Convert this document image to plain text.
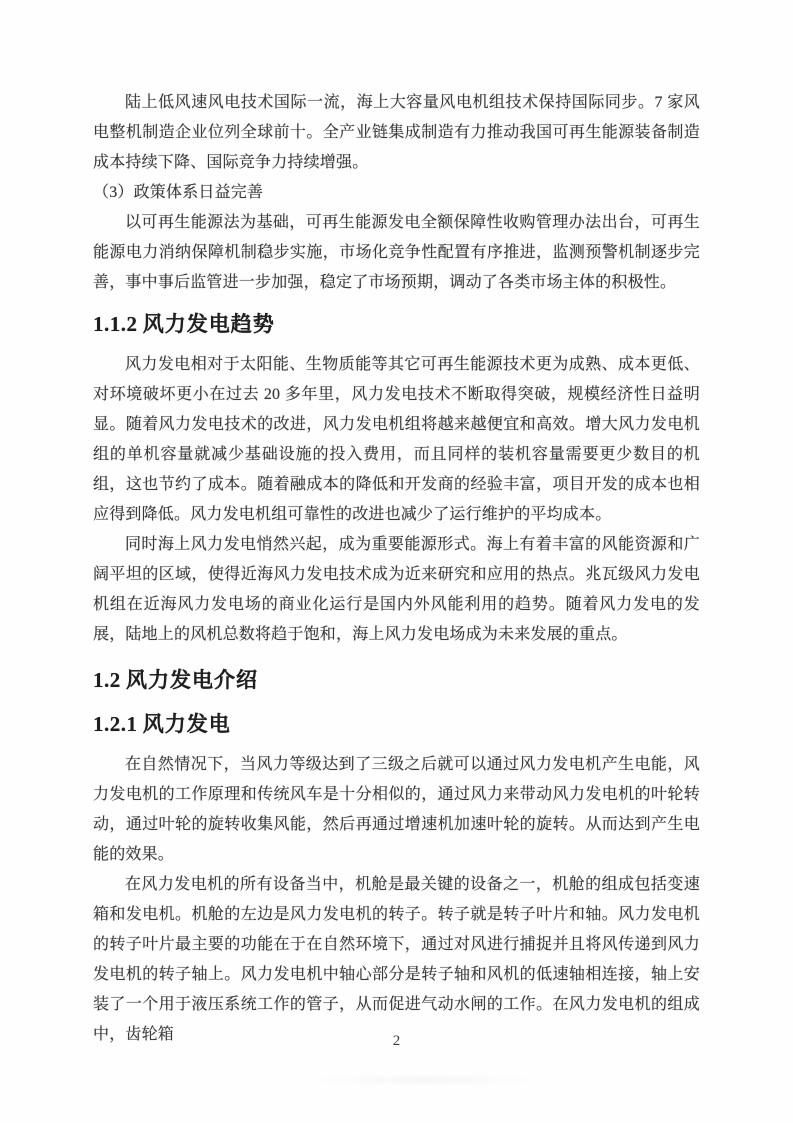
陆上低风速风电技术国际一流，海上大容量风电机组技术保持国际同步。7 家风电整机制造企业位列全球前十。全产业链集成制造有力推动我国可再生能源装备制造成本持续下降、国际竞争力持续增强。

（3）政策体系日益完善

以可再生能源法为基础，可再生能源发电全额保障性收购管理办法出台，可再生能源电力消纳保障机制稳步实施，市场化竞争性配置有序推进，监测预警机制逐步完善，事中事后监管进一步加强，稳定了市场预期，调动了各类市场主体的积极性。

1.1.2 风力发电趋势

风力发电相对于太阳能、生物质能等其它可再生能源技术更为成熟、成本更低、对环境破坏更小在过去 20 多年里，风力发电技术不断取得突破，规模经济性日益明显。随着风力发电技术的改进，风力发电机组将越来越便宜和高效。增大风力发电机组的单机容量就减少基础设施的投入费用，而且同样的装机容量需要更少数目的机组，这也节约了成本。随着融成本的降低和开发商的经验丰富，项目开发的成本也相应得到降低。风力发电机组可靠性的改进也减少了运行维护的平均成本。

同时海上风力发电悄然兴起，成为重要能源形式。海上有着丰富的风能资源和广阔平坦的区域，使得近海风力发电技术成为近来研究和应用的热点。兆瓦级风力发电机组在近海风力发电场的商业化运行是国内外风能利用的趋势。随着风力发电的发展，陆地上的风机总数将趋于饱和，海上风力发电场成为未来发展的重点。

1.2 风力发电介绍
1.2.1 风力发电

在自然情况下，当风力等级达到了三级之后就可以通过风力发电机产生电能，风力发电机的工作原理和传统风车是十分相似的，通过风力来带动风力发电机的叶轮转动，通过叶轮的旋转收集风能，然后再通过增速机加速叶轮的旋转。从而达到产生电能的效果。

在风力发电机的所有设备当中，机舱是最关键的设备之一，机舱的组成包括变速箱和发电机。机舱的左边是风力发电机的转子。转子就是转子叶片和轴。风力发电机的转子叶片最主要的功能在于在自然环境下，通过对风进行捕捉并且将风传递到风力发电机的转子轴上。风力发电机中轴心部分是转子轴和风机的低速轴相连接，轴上安装了一个用于液压系统工作的管子，从而促进气动水闸的工作。在风力发电机的组成中，齿轮箱	2
